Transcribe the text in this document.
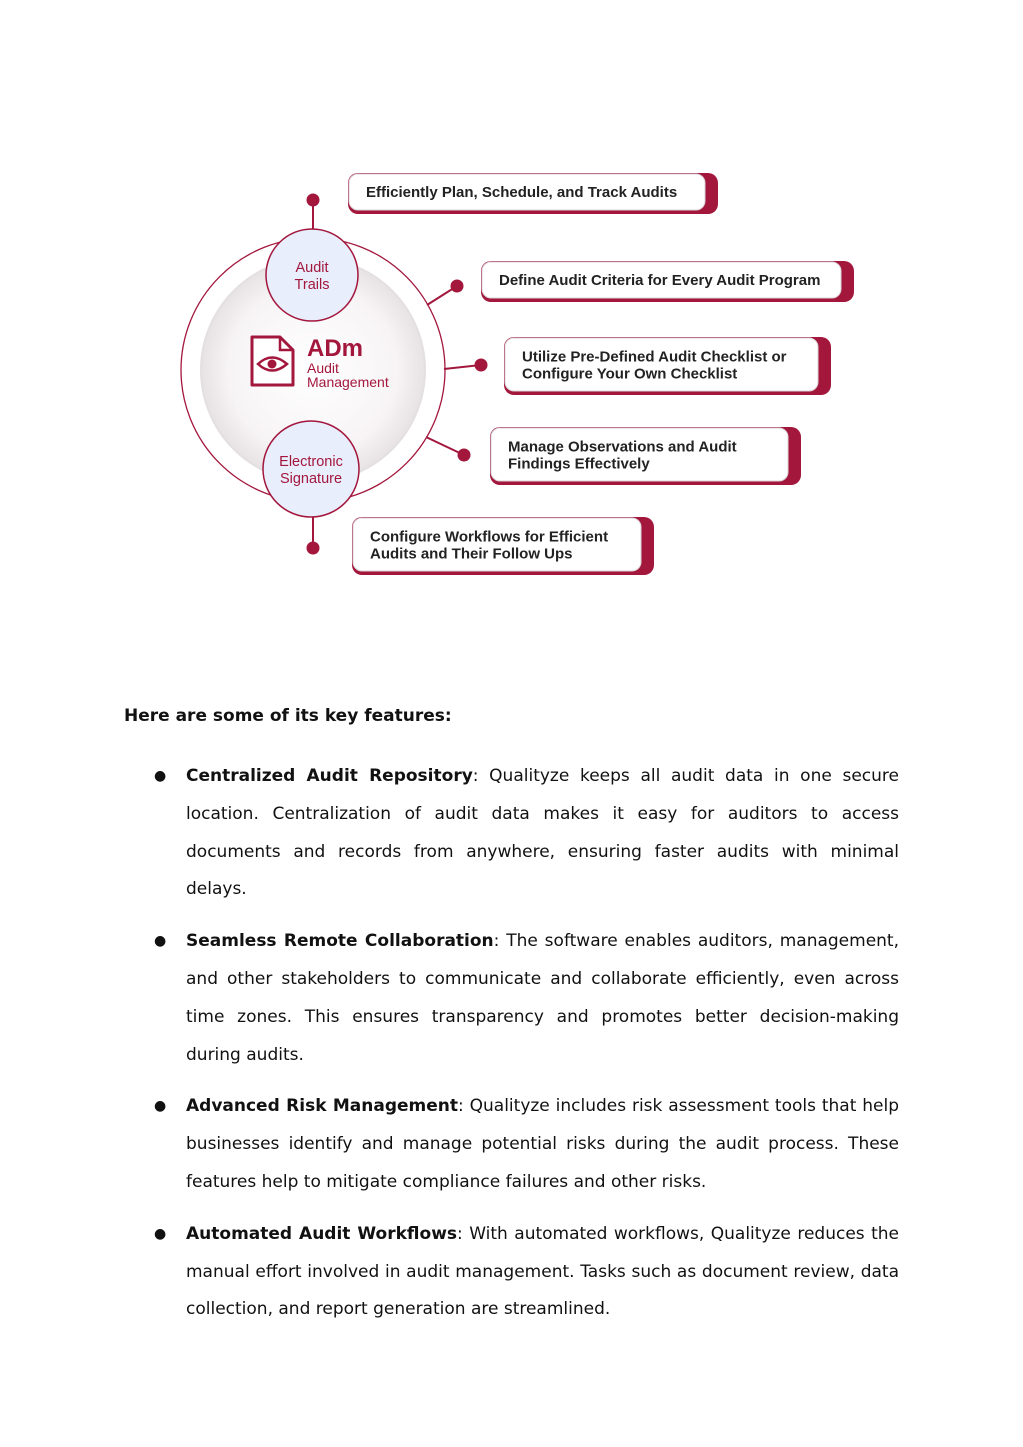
Audit
Trails
Electronic
Signature
ADm
Audit
Management
Efficiently Plan, Schedule, and Track Audits
Define Audit Criteria for Every Audit Program
Utilize Pre-Defined Audit Checklist or
Configure Your Own Checklist
Manage Observations and Audit
Findings Effectively
Configure Workflows for Efficient
Audits and Their Follow Ups

Here are some of its key features:

● Centralized Audit Repository: Qualityze keeps all audit data in one secure location. Centralization of audit data makes it easy for auditors to access documents and records from anywhere, ensuring faster audits with minimal delays.
● Seamless Remote Collaboration: The software enables auditors, management, and other stakeholders to communicate and collaborate efficiently, even across time zones. This ensures transparency and promotes better decision-making during audits.
● Advanced Risk Management: Qualityze includes risk assessment tools that help businesses identify and manage potential risks during the audit process. These features help to mitigate compliance failures and other risks.
● Automated Audit Workflows: With automated workflows, Qualityze reduces the manual effort involved in audit management. Tasks such as document review, data collection, and report generation are streamlined.
